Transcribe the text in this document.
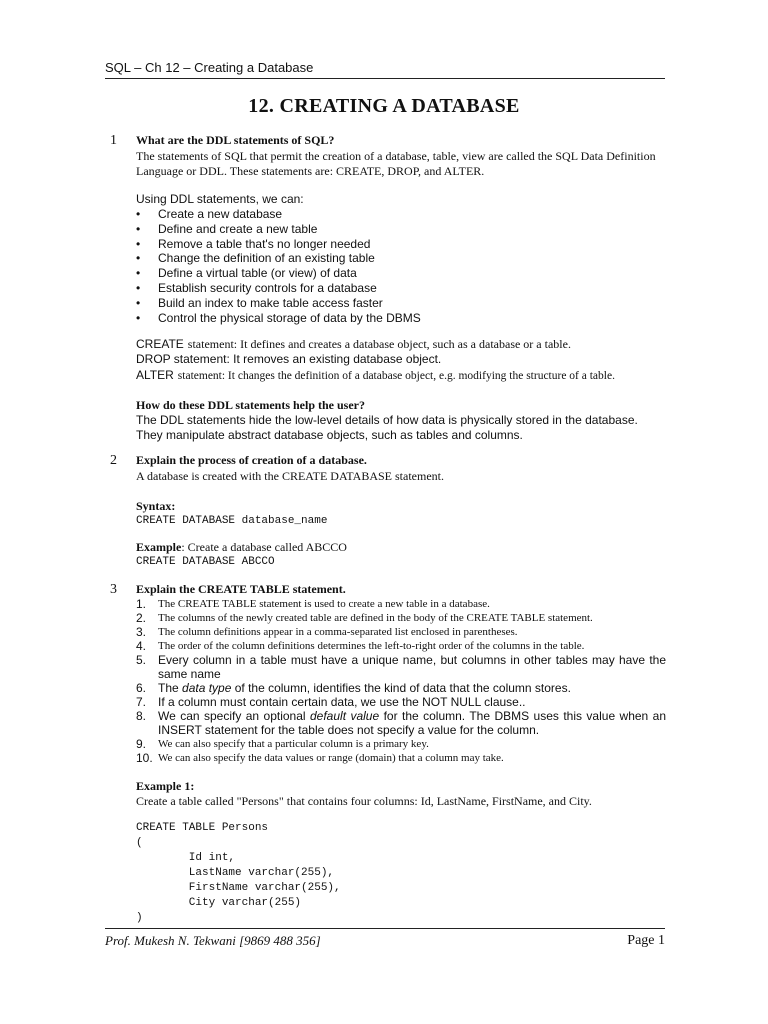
SQL – Ch 12 – Creating a Database
12. CREATING A DATABASE
1 What are the DDL statements of SQL?
The statements of SQL that permit the creation of a database, table, view are called the SQL Data Definition Language or DDL. These statements are: CREATE, DROP, and ALTER.
Using DDL statements, we can:
• Create a new database
• Define and create a new table
• Remove a table that's no longer needed
• Change the definition of an existing table
• Define a virtual table (or view) of data
• Establish security controls for a database
• Build an index to make table access faster
• Control the physical storage of data by the DBMS
CREATE statement: It defines and creates a database object, such as a database or a table.
DROP statement: It removes an existing database object.
ALTER statement: It changes the definition of a database object, e.g. modifying the structure of a table.
How do these DDL statements help the user?
The DDL statements hide the low-level details of how data is physically stored in the database. They manipulate abstract database objects, such as tables and columns.
2 Explain the process of creation of a database.
A database is created with the CREATE DATABASE statement.
Syntax:
CREATE DATABASE database_name
Example: Create a database called ABCCO
CREATE DATABASE ABCCO
3 Explain the CREATE TABLE statement.
1. The CREATE TABLE statement is used to create a new table in a database.
2. The columns of the newly created table are defined in the body of the CREATE TABLE statement.
3. The column definitions appear in a comma-separated list enclosed in parentheses.
4. The order of the column definitions determines the left-to-right order of the columns in the table.
5. Every column in a table must have a unique name, but columns in other tables may have the same name
6. The data type of the column, identifies the kind of data that the column stores.
7. If a column must contain certain data, we use the NOT NULL clause..
8. We can specify an optional default value for the column. The DBMS uses this value when an INSERT statement for the table does not specify a value for the column.
9. We can also specify that a particular column is a primary key.
10. We can also specify the data values or range (domain) that a column may take.
Example 1:
Create a table called "Persons" that contains four columns: Id, LastName, FirstName, and City.
CREATE TABLE Persons
(
Id int,
LastName varchar(255),
FirstName varchar(255),
City varchar(255)
)
Prof. Mukesh N. Tekwani [9869 488 356]	Page 1
